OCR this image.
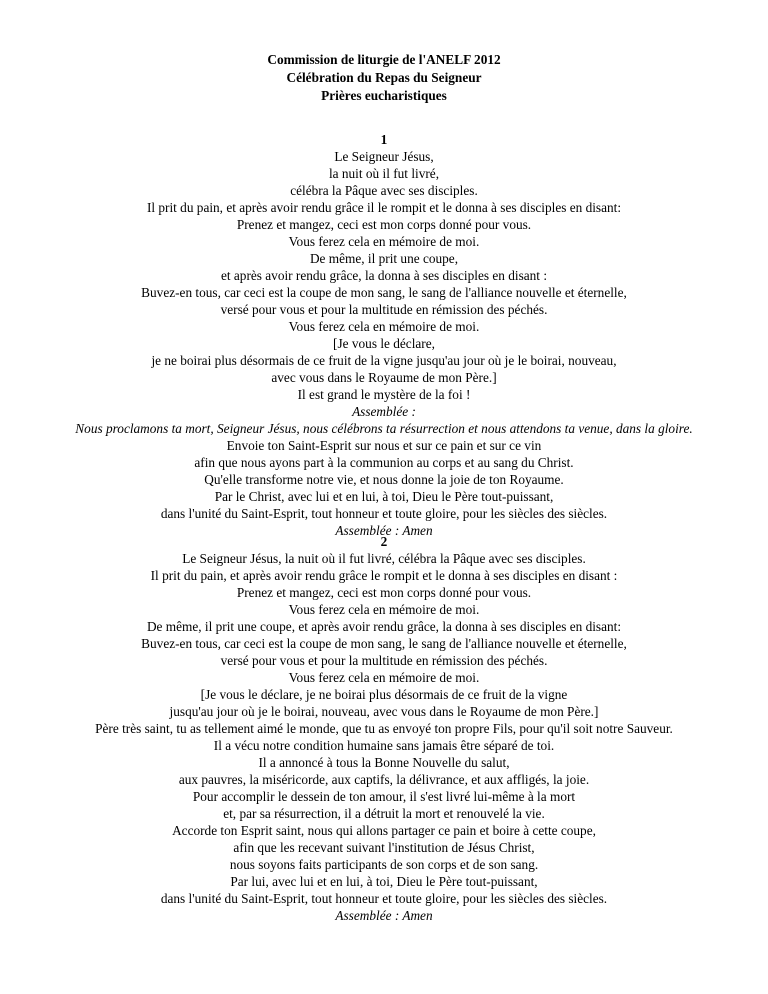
Commission de liturgie de l'ANELF 2012
Célébration du Repas du Seigneur
Prières eucharistiques
1
Le Seigneur Jésus,
la nuit où il fut livré,
célébra la Pâque avec ses disciples.
Il prit du pain, et après avoir rendu grâce il le rompit et le donna à ses disciples en disant:
Prenez et mangez, ceci est mon corps donné pour vous.
Vous ferez cela en mémoire de moi.
De même, il prit une coupe,
et après avoir rendu grâce, la donna à ses disciples en disant :
Buvez-en tous, car ceci est la coupe de mon sang, le sang de l'alliance nouvelle et éternelle,
versé pour vous et pour la multitude en rémission des péchés.
Vous ferez cela en mémoire de moi.
[Je vous le déclare,
je ne boirai plus désormais de ce fruit de la vigne jusqu'au jour où je le boirai, nouveau,
avec vous dans le Royaume de mon Père.]
Il est grand le mystère de la foi !
Assemblée :
Nous proclamons ta mort, Seigneur Jésus, nous célébrons ta résurrection et nous attendons ta venue, dans la gloire.
Envoie ton Saint-Esprit sur nous et sur ce pain et sur ce vin
afin que nous ayons part à la communion au corps et au sang du Christ.
Qu'elle transforme notre vie, et nous donne la joie de ton Royaume.
Par le Christ, avec lui et en lui, à toi, Dieu le Père tout-puissant,
dans l'unité du Saint-Esprit, tout honneur et toute gloire, pour les siècles des siècles.
Assemblée : Amen
2
Le Seigneur Jésus, la nuit où il fut livré, célébra la Pâque avec ses disciples.
Il prit du pain, et après avoir rendu grâce le rompit et le donna à ses disciples en disant :
Prenez et mangez, ceci est mon corps donné pour vous.
Vous ferez cela en mémoire de moi.
De même, il prit une coupe, et après avoir rendu grâce, la donna à ses disciples en disant:
Buvez-en tous, car ceci est la coupe de mon sang, le sang de l'alliance nouvelle et éternelle,
versé pour vous et pour la multitude en rémission des péchés.
Vous ferez cela en mémoire de moi.
[Je vous le déclare, je ne boirai plus désormais de ce fruit de la vigne
jusqu'au jour où je le boirai, nouveau, avec vous dans le Royaume de mon Père.]
Père très saint, tu as tellement aimé le monde, que tu as envoyé ton propre Fils, pour qu'il soit notre Sauveur.
Il a vécu notre condition humaine sans jamais être séparé de toi.
Il a annoncé à tous la Bonne Nouvelle du salut,
aux pauvres, la miséricorde, aux captifs, la délivrance, et aux affligés, la joie.
Pour accomplir le dessein de ton amour, il s'est livré lui-même à la mort
et, par sa résurrection, il a détruit la mort et renouvelé la vie.
Accorde ton Esprit saint, nous qui allons partager ce pain et boire à cette coupe,
afin que les recevant suivant l'institution de Jésus Christ,
nous soyons faits participants de son corps et de son sang.
Par lui, avec lui et en lui, à toi, Dieu le Père tout-puissant,
dans l'unité du Saint-Esprit, tout honneur et toute gloire, pour les siècles des siècles.
Assemblée : Amen
